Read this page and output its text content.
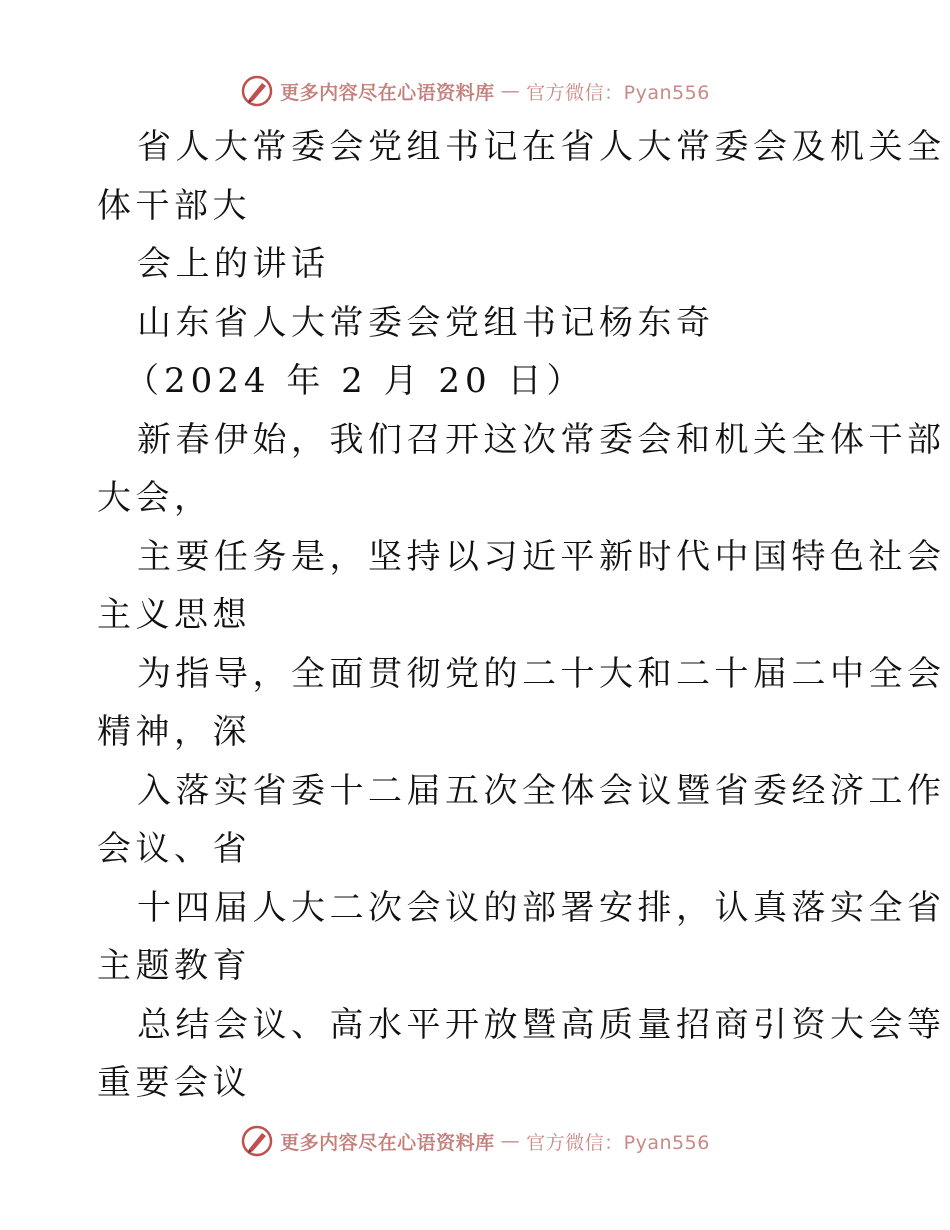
更多内容尽在心语资料库 — 官方微信：Pyan556
省人大常委会党组书记在省人大常委会及机关全
体干部大
会上的讲话
山东省人大常委会党组书记杨东奇
（2024 年 2 月 20 日）
新春伊始，我们召开这次常委会和机关全体干部
大会，
主要任务是，坚持以习近平新时代中国特色社会
主义思想
为指导，全面贯彻党的二十大和二十届二中全会
精神，深
入落实省委十二届五次全体会议暨省委经济工作
会议、省
十四届人大二次会议的部署安排，认真落实全省
主题教育
总结会议、高水平开放暨高质量招商引资大会等
重要会议
更多内容尽在心语资料库 — 官方微信：Pyan556
